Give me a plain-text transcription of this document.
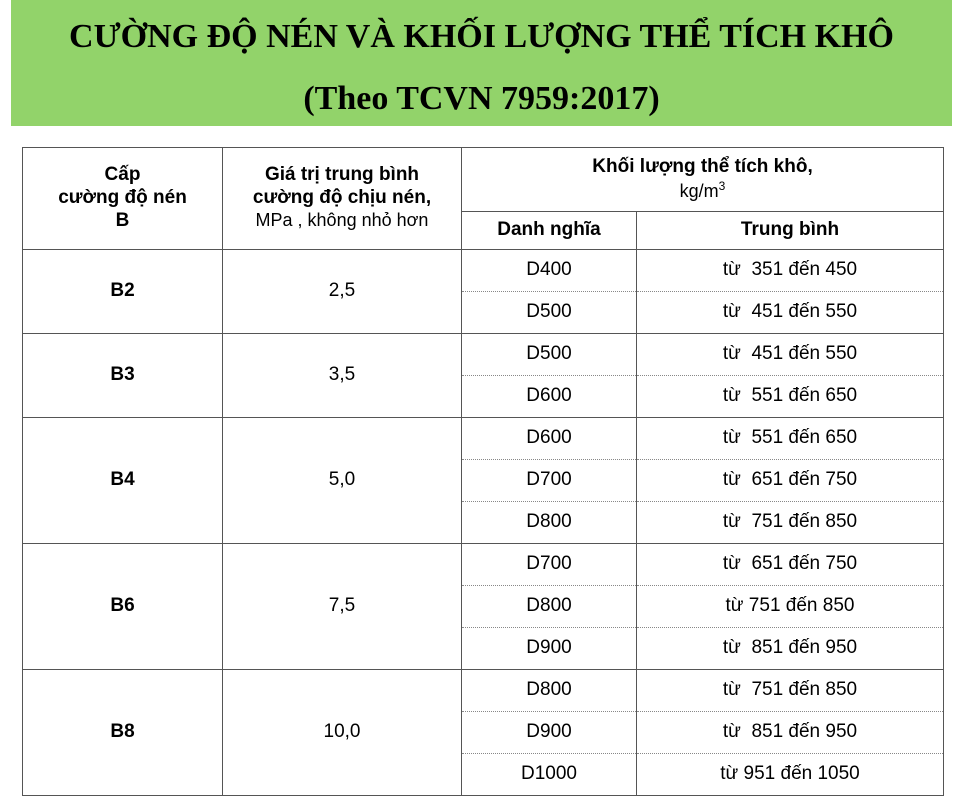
CƯỜNG ĐỘ NÉN VÀ KHỐI LƯỢNG THỂ TÍCH KHÔ
(Theo TCVN 7959:2017)
Cấp
cường độ nén
B	Giá trị trung bình
cường độ chịu nén,
MPa , không nhỏ hơn	Khối lượng thể tích khô,
$kg/m^3$
		Danh nghĩa	Trung bình
B2	2,5	D400	từ  351 đến 450
		D500	từ  451 đến 550
B3	3,5	D500	từ  451 đến 550
		D600	từ  551 đến 650
B4	5,0	D600	từ  551 đến 650
		D700	từ  651 đến 750
		D800	từ  751 đến 850
B6	7,5	D700	từ  651 đến 750
		D800	từ 751 đến 850
		D900	từ  851 đến 950
B8	10,0	D800	từ  751 đến 850
		D900	từ  851 đến 950
		D1000	từ 951 đến 1050
